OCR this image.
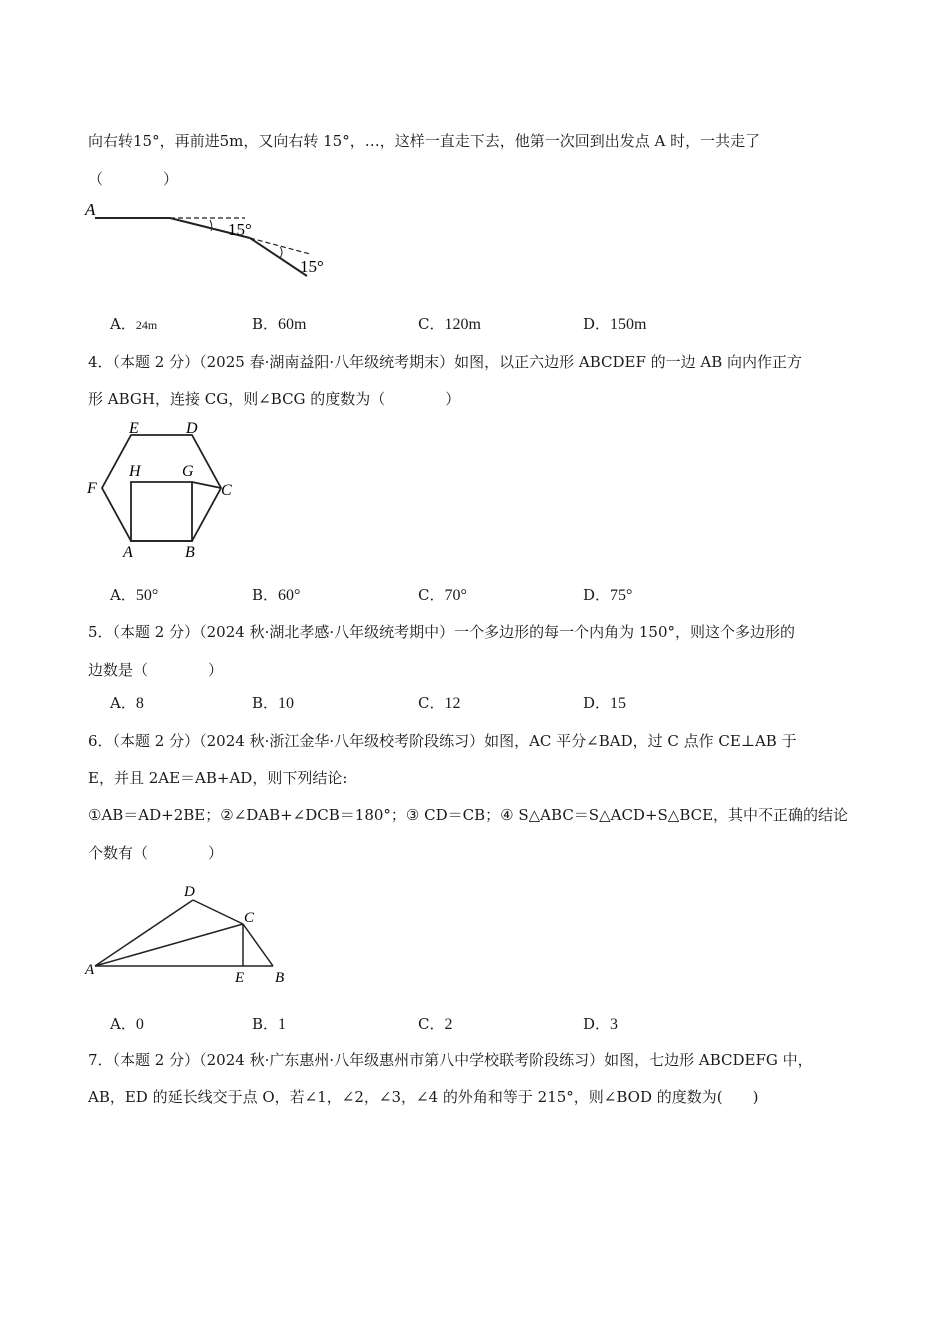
向右转15°，再前进5m，又向右转 15°，…，这样一直走下去，他第一次回到出发点 A 时，一共走了
（　　　　）
A
15°
15°
A．24m	B．60m	C．120m	D．150m
4．（本题 2 分）（2025 春·湖南益阳·八年级统考期末）如图，以正六边形 ABCDEF 的一边 AB 向内作正方
形 ABGH，连接 CG，则∠BCG 的度数为（　　　　）
E	D
H	G
F	C
A	B
A．50°	B．60°	C．70°	D．75°
5．（本题 2 分）（2024 秋·湖北孝感·八年级统考期中）一个多边形的每一个内角为 150°，则这个多边形的
边数是（　　　　）
A．8	B．10	C．12	D．15
6．（本题 2 分）（2024 秋·浙江金华·八年级校考阶段练习）如图，AC 平分∠BAD，过 C 点作 CE⊥AB 于
E，并且 2AE＝AB+AD，则下列结论:
①AB＝AD+2BE；②∠DAB+∠DCB＝180°；③ CD＝CB；④ S△ABC＝S△ACD+S△BCE，其中不正确的结论
个数有（　　　　）
D
C
A	E B
A．0	B．1	C．2	D．3
7．（本题 2 分）（2024 秋·广东惠州·八年级惠州市第八中学校联考阶段练习）如图，七边形 ABCDEFG 中，
AB，ED 的延长线交于点 O，若∠1，∠2，∠3，∠4 的外角和等于 215°，则∠BOD 的度数为(　　)
